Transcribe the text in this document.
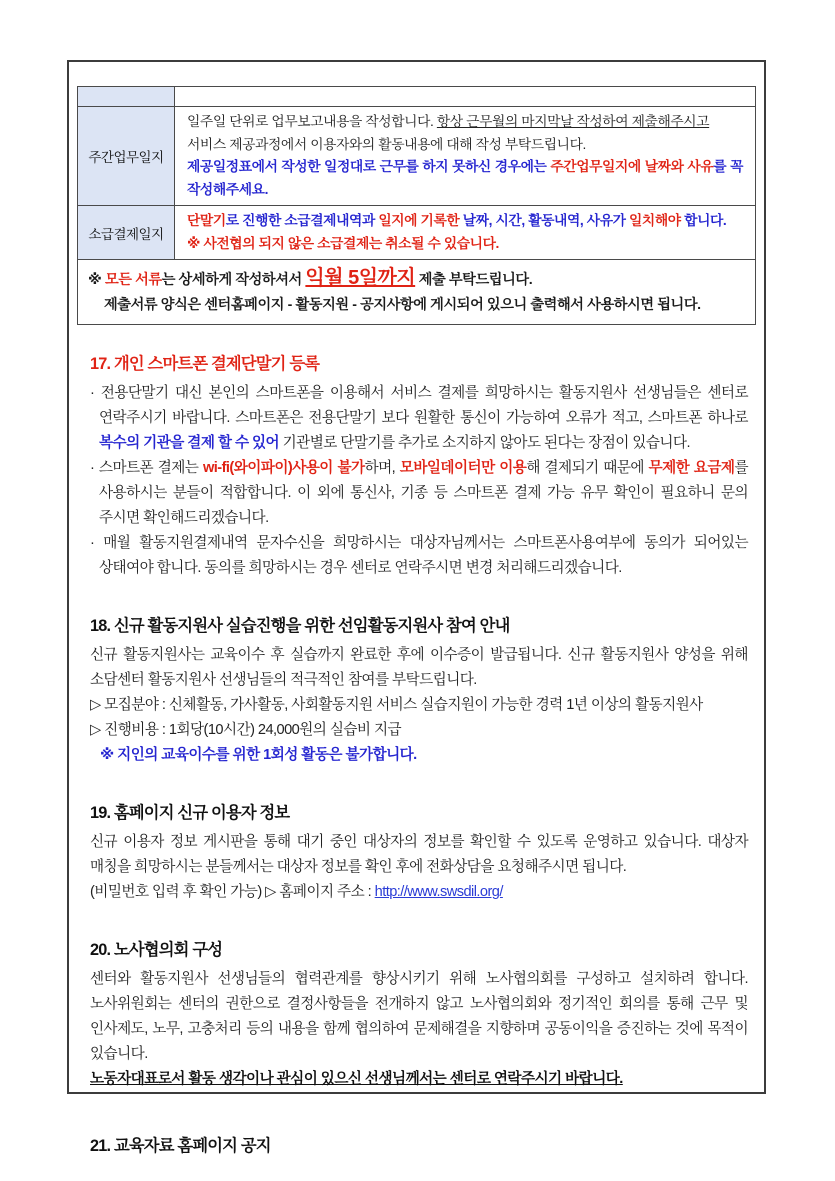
주간업무일지	일주일 단위로 업무보고내용을 작성합니다. 항상 근무월의 마지막날 작성하여 제출해주시고
서비스 제공과정에서 이용자와의 활동내용에 대해 작성 부탁드립니다.
제공일정표에서 작성한 일정대로 근무를 하지 못하신 경우에는 주간업무일지에 날짜와 사유를 꼭 작성해주세요.
소급결제일지	단말기로 진행한 소급결제내역과 일지에 기록한 날짜, 시간, 활동내역, 사유가 일치해야 합니다.
※ 사전협의 되지 않은 소급결제는 취소될 수 있습니다.

※ 모든 서류는 상세하게 작성하셔서 익월 5일까지 제출 부탁드립니다.
제출서류 양식은 센터홈페이지 - 활동지원 - 공지사항에 게시되어 있으니 출력해서 사용하시면 됩니다.	

17. 개인 스마트폰 결제단말기 등록

· 전용단말기 대신 본인의 스마트폰을 이용해서 서비스 결제를 희망하시는 활동지원사 선생님들은 센터로 연락주시기 바랍니다. 스마트폰은 전용단말기 보다 원활한 통신이 가능하여 오류가 적고, 스마트폰 하나로 복수의 기관을 결제 할 수 있어 기관별로 단말기를 추가로 소지하지 않아도 된다는 장점이 있습니다.

· 스마트폰 결제는 wi-fi(와이파이)사용이 불가하며, 모바일데이터만 이용해 결제되기 때문에 무제한 요금제를 사용하시는 분들이 적합합니다. 이 외에 통신사, 기종 등 스마트폰 결제 가능 유무 확인이 필요하니 문의 주시면 확인해드리겠습니다.

· 매월 활동지원결제내역 문자수신을 희망하시는 대상자님께서는 스마트폰사용여부에 동의가 되어있는 상태여야 합니다. 동의를 희망하시는 경우 센터로 연락주시면 변경 처리해드리겠습니다.

18. 신규 활동지원사 실습진행을 위한 선임활동지원사 참여 안내

신규 활동지원사는 교육이수 후 실습까지 완료한 후에 이수증이 발급됩니다. 신규 활동지원사 양성을 위해 소담센터 활동지원사 선생님들의 적극적인 참여를 부탁드립니다.

▷ 모집분야 : 신체활동, 가사활동, 사회활동지원 서비스 실습지원이 가능한 경력 1년 이상의 활동지원사

▷ 진행비용 : 1회당(10시간) 24,000원의 실습비 지급

※ 지인의 교육이수를 위한 1회성 활동은 불가합니다.

19. 홈페이지 신규 이용자 정보

신규 이용자 정보 게시판을 통해 대기 중인 대상자의 정보를 확인할 수 있도록 운영하고 있습니다. 대상자 매칭을 희망하시는 분들께서는 대상자 정보를 확인 후에 전화상담을 요청해주시면 됩니다.

(비밀번호 입력 후 확인 가능) ▷ 홈페이지 주소 : http://www.swsdil.org/

20. 노사협의회 구성

센터와 활동지원사 선생님들의 협력관계를 향상시키기 위해 노사협의회를 구성하고 설치하려 합니다. 노사위원회는 센터의 권한으로 결정사항들을 전개하지 않고 노사협의회와 정기적인 회의를 통해 근무 및 인사제도, 노무, 고충처리 등의 내용을 함께 협의하여 문제해결을 지향하며 공동이익을 증진하는 것에 목적이 있습니다.

노동자대표로서 활동 생각이나 관심이 있으신 선생님께서는 센터로 연락주시기 바랍니다.

21. 교육자료 홈페이지 공지
